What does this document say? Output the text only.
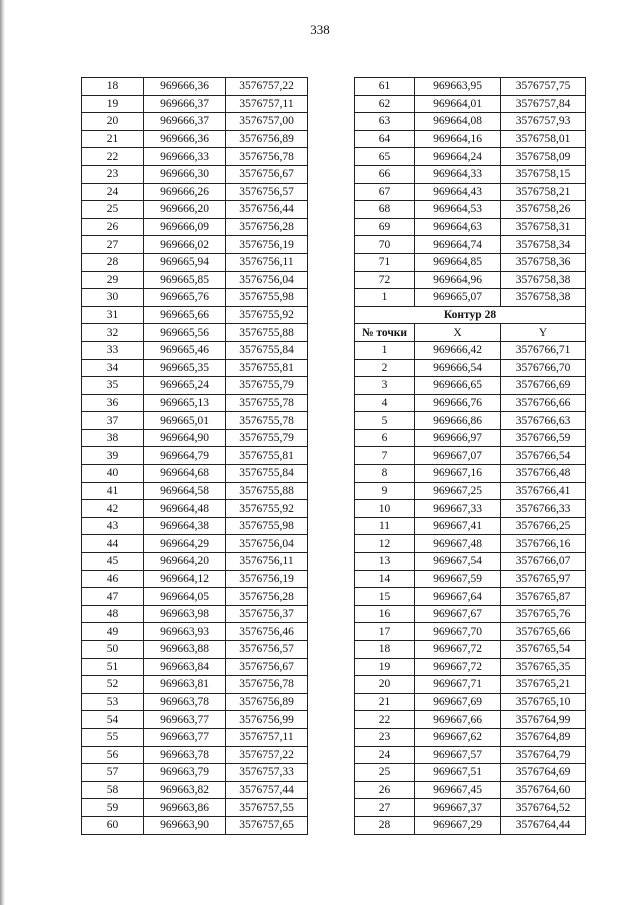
338
18	969666,36	3576757,22
19	969666,37	3576757,11
20	969666,37	3576757,00
21	969666,36	3576756,89
22	969666,33	3576756,78
23	969666,30	3576756,67
24	969666,26	3576756,57
25	969666,20	3576756,44
26	969666,09	3576756,28
27	969666,02	3576756,19
28	969665,94	3576756,11
29	969665,85	3576756,04
30	969665,76	3576755,98
31	969665,66	3576755,92
32	969665,56	3576755,88
33	969665,46	3576755,84
34	969665,35	3576755,81
35	969665,24	3576755,79
36	969665,13	3576755,78
37	969665,01	3576755,78
38	969664,90	3576755,79
39	969664,79	3576755,81
40	969664,68	3576755,84
41	969664,58	3576755,88
42	969664,48	3576755,92
43	969664,38	3576755,98
44	969664,29	3576756,04
45	969664,20	3576756,11
46	969664,12	3576756,19
47	969664,05	3576756,28
48	969663,98	3576756,37
49	969663,93	3576756,46
50	969663,88	3576756,57
51	969663,84	3576756,67
52	969663,81	3576756,78
53	969663,78	3576756,89
54	969663,77	3576756,99
55	969663,77	3576757,11
56	969663,78	3576757,22
57	969663,79	3576757,33
58	969663,82	3576757,44
59	969663,86	3576757,55
60	969663,90	3576757,65
61	969663,95	3576757,75
62	969664,01	3576757,84
63	969664,08	3576757,93
64	969664,16	3576758,01
65	969664,24	3576758,09
66	969664,33	3576758,15
67	969664,43	3576758,21
68	969664,53	3576758,26
69	969664,63	3576758,31
70	969664,74	3576758,34
71	969664,85	3576758,36
72	969664,96	3576758,38
1	969665,07	3576758,38
Контур 28		
№ точки	X	Y
1	969666,42	3576766,71
2	969666,54	3576766,70
3	969666,65	3576766,69
4	969666,76	3576766,66
5	969666,86	3576766,63
6	969666,97	3576766,59
7	969667,07	3576766,54
8	969667,16	3576766,48
9	969667,25	3576766,41
10	969667,33	3576766,33
11	969667,41	3576766,25
12	969667,48	3576766,16
13	969667,54	3576766,07
14	969667,59	3576765,97
15	969667,64	3576765,87
16	969667,67	3576765,76
17	969667,70	3576765,66
18	969667,72	3576765,54
19	969667,72	3576765,35
20	969667,71	3576765,21
21	969667,69	3576765,10
22	969667,66	3576764,99
23	969667,62	3576764,89
24	969667,57	3576764,79
25	969667,51	3576764,69
26	969667,45	3576764,60
27	969667,37	3576764,52
28	969667,29	3576764,44
